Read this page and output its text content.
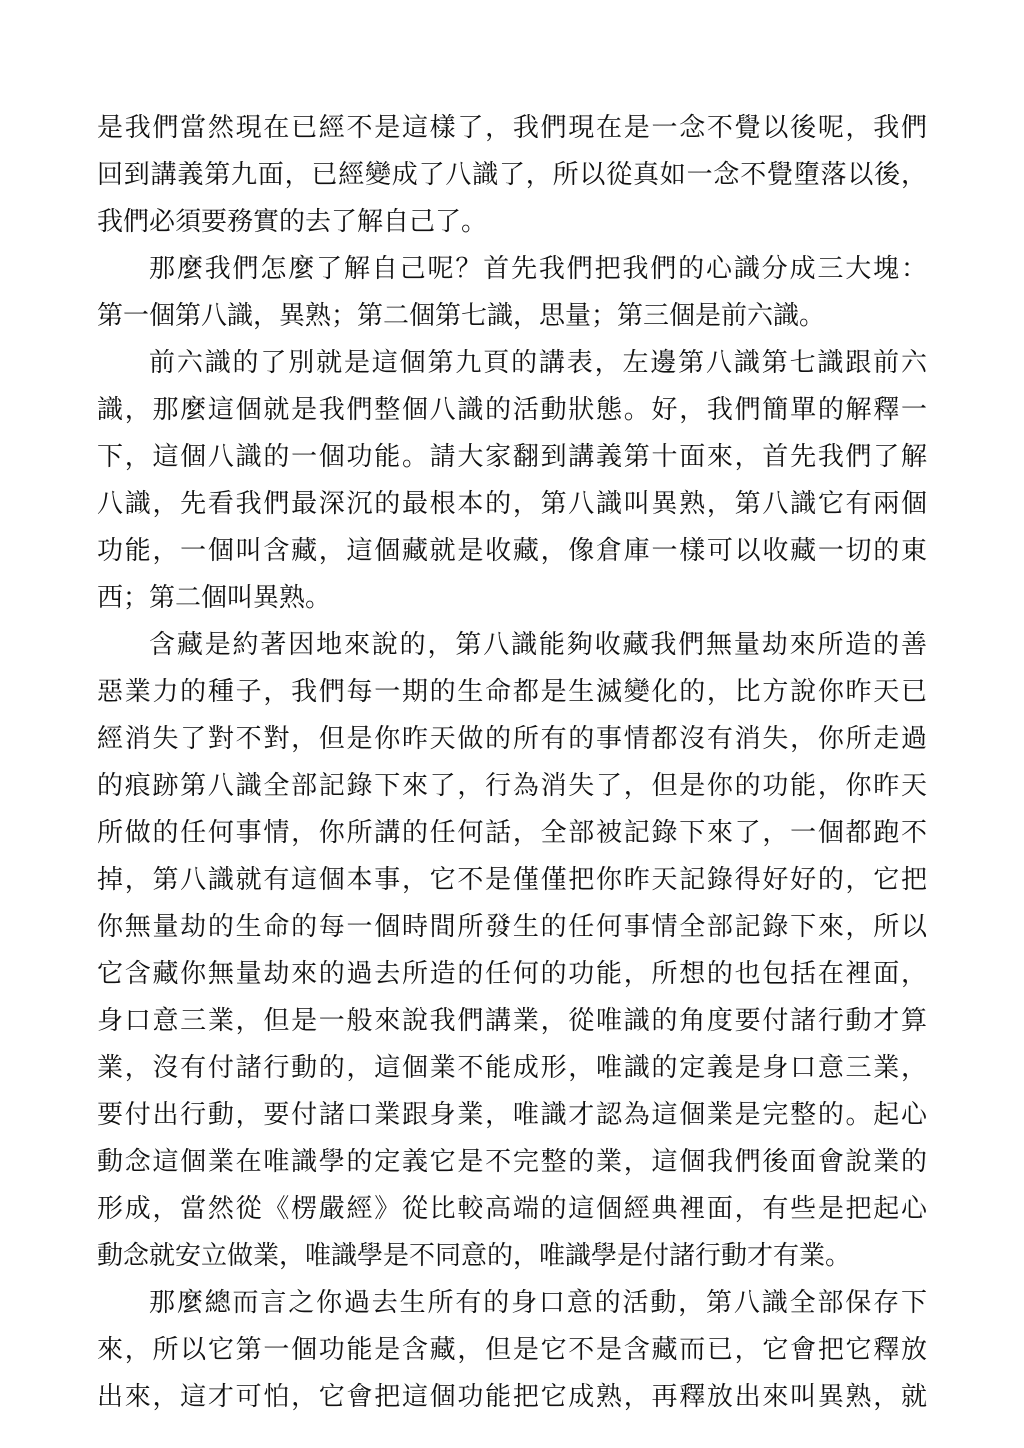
是我們當然現在已經不是這樣了，我們現在是一念不覺以後呢，我們
回到講義第九面，已經變成了八識了，所以從真如一念不覺墮落以後，
我們必須要務實的去了解自己了。

那麼我們怎麼了解自己呢？首先我們把我們的心識分成三大塊：
第一個第八識，異熟；第二個第七識，思量；第三個是前六識。

前六識的了別就是這個第九頁的講表，左邊第八識第七識跟前六
識，那麼這個就是我們整個八識的活動狀態。好，我們簡單的解釋一
下，這個八識的一個功能。請大家翻到講義第十面來，首先我們了解
八識，先看我們最深沉的最根本的，第八識叫異熟，第八識它有兩個
功能，一個叫含藏，這個藏就是收藏，像倉庫一樣可以收藏一切的東
西；第二個叫異熟。

含藏是約著因地來說的，第八識能夠收藏我們無量劫來所造的善
惡業力的種子，我們每一期的生命都是生滅變化的，比方說你昨天已
經消失了對不對，但是你昨天做的所有的事情都沒有消失，你所走過
的痕跡第八識全部記錄下來了，行為消失了，但是你的功能，你昨天
所做的任何事情，你所講的任何話，全部被記錄下來了，一個都跑不
掉，第八識就有這個本事，它不是僅僅把你昨天記錄得好好的，它把
你無量劫的生命的每一個時間所發生的任何事情全部記錄下來，所以
它含藏你無量劫來的過去所造的任何的功能，所想的也包括在裡面，
身口意三業，但是一般來說我們講業，從唯識的角度要付諸行動才算
業，沒有付諸行動的，這個業不能成形，唯識的定義是身口意三業，
要付出行動，要付諸口業跟身業，唯識才認為這個業是完整的。起心
動念這個業在唯識學的定義它是不完整的業，這個我們後面會說業的
形成，當然從《楞嚴經》從比較高端的這個經典裡面，有些是把起心
動念就安立做業，唯識學是不同意的，唯識學是付諸行動才有業。

那麼總而言之你過去生所有的身口意的活動，第八識全部保存下
來，所以它第一個功能是含藏，但是它不是含藏而已，它會把它釋放
出來，這才可怕，它會把這個功能把它成熟，再釋放出來叫異熟，就
